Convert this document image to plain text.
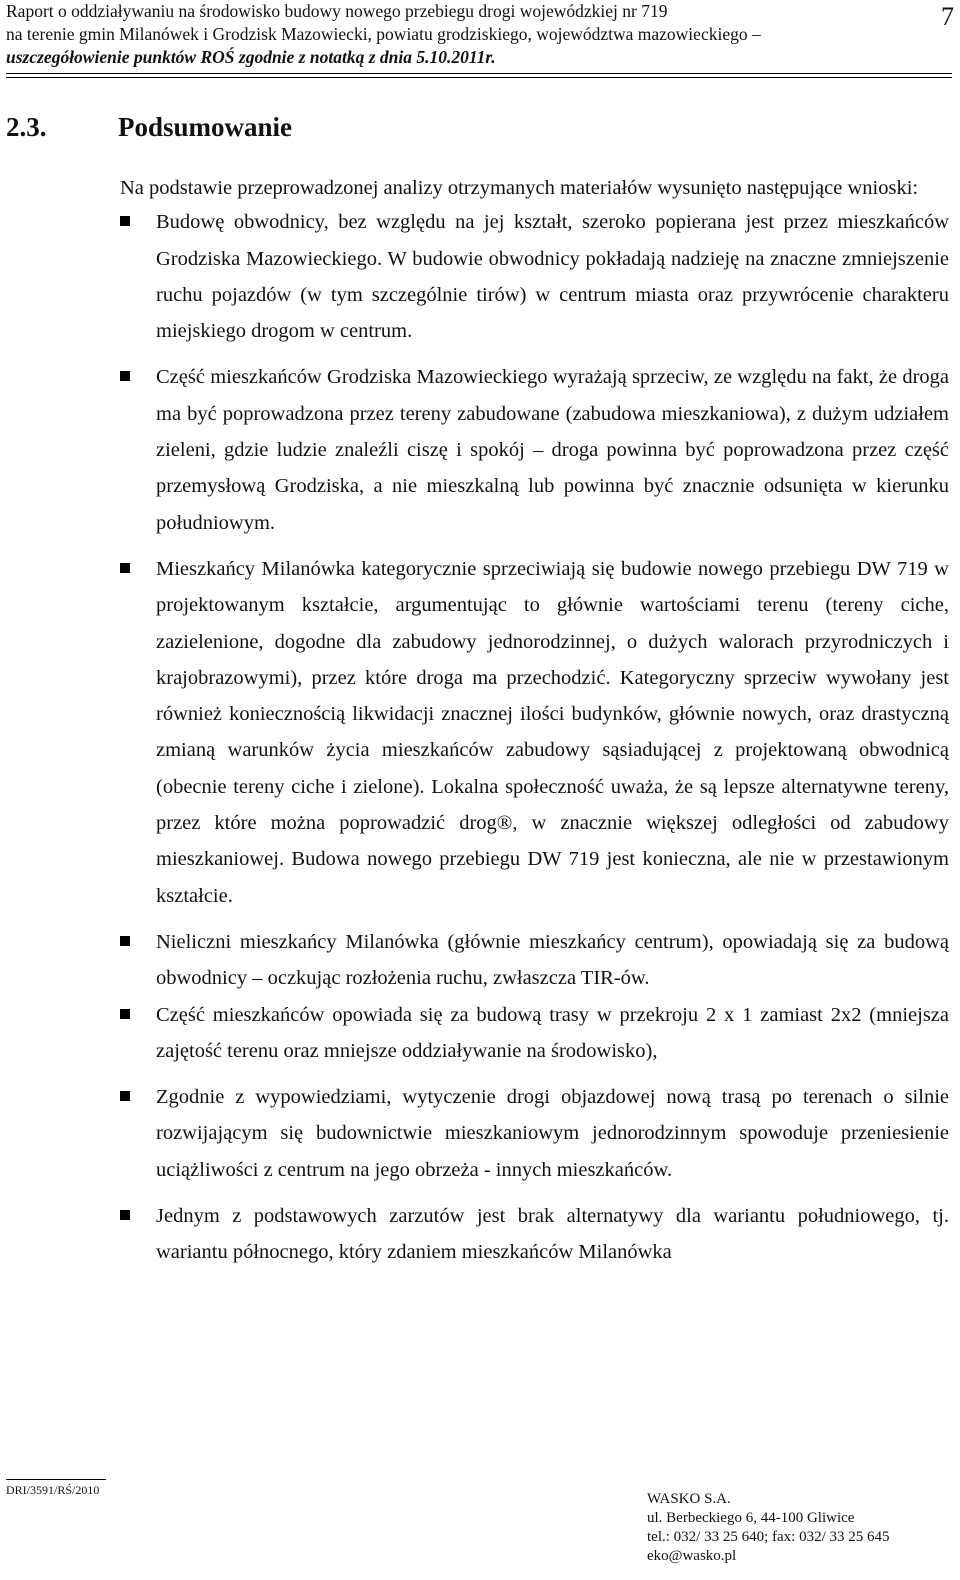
Raport o oddziaływaniu na środowisko budowy nowego przebiegu drogi wojewódzkiej nr 719
na terenie gmin Milanówek i Grodzisk Mazowiecki, powiatu grodziskiego, województwa mazowieckiego –
uszczegółowienie punktów ROŚ zgodnie z notatką z dnia 5.10.2011r.
7
2.3.	Podsumowanie

Na podstawie przeprowadzonej analizy otrzymanych materiałów wysunięto następujące wnioski:

Budowę obwodnicy, bez względu na jej kształt, szeroko popierana jest przez mieszkańców Grodziska Mazowieckiego. W budowie obwodnicy pokładają nadzieję na znaczne zmniejszenie ruchu pojazdów (w tym szczególnie tirów) w centrum miasta oraz przywrócenie charakteru miejskiego drogom w centrum.
Część mieszkańców Grodziska Mazowieckiego wyrażają sprzeciw, ze względu na fakt, że droga ma być poprowadzona przez tereny zabudowane (zabudowa mieszkaniowa), z dużym udziałem zieleni, gdzie ludzie znaleźli ciszę i spokój – droga powinna być poprowadzona przez część przemysłową Grodziska, a nie mieszkalną lub powinna być znacznie odsunięta w kierunku południowym.
Mieszkańcy Milanówka kategorycznie sprzeciwiają się budowie nowego przebiegu DW 719 w projektowanym kształcie, argumentując to głównie wartościami terenu (tereny ciche, zazielenione, dogodne dla zabudowy jednorodzinnej, o dużych walorach przyrodniczych i krajobrazowymi), przez które droga ma przechodzić. Kategoryczny sprzeciw wywołany jest również koniecznością likwidacji znacznej ilości budynków, głównie nowych, oraz drastyczną zmianą warunków życia mieszkańców zabudowy sąsiadującej z projektowaną obwodnicą (obecnie tereny ciche i zielone). Lokalna społeczność uważa, że są lepsze alternatywne tereny, przez które można poprowadzić drog®, w znacznie większej odległości od zabudowy mieszkaniowej. Budowa nowego przebiegu DW 719 jest konieczna, ale nie w przestawionym kształcie.
Nieliczni mieszkańcy Milanówka (głównie mieszkańcy centrum), opowiadają się za budową obwodnicy – oczkując rozłożenia ruchu, zwłaszcza TIR-ów.
Część mieszkańców opowiada się za budową trasy w przekroju 2 x 1 zamiast 2x2 (mniejsza zajętość terenu oraz mniejsze oddziaływanie na środowisko),
Zgodnie z wypowiedziami, wytyczenie drogi objazdowej nową trasą po terenach o silnie rozwijającym się budownictwie mieszkaniowym jednorodzinnym spowoduje przeniesienie uciążliwości z centrum na jego obrzeża - innych mieszkańców.
Jednym z podstawowych zarzutów jest brak alternatywy dla wariantu południowego, tj. wariantu północnego, który zdaniem mieszkańców Milanówka
DRI/3591/RŚ/2010
WASKO S.A.
ul. Berbeckiego 6, 44-100 Gliwice
tel.: 032/ 33 25 640; fax: 032/ 33 25 645
eko@wasko.pl
